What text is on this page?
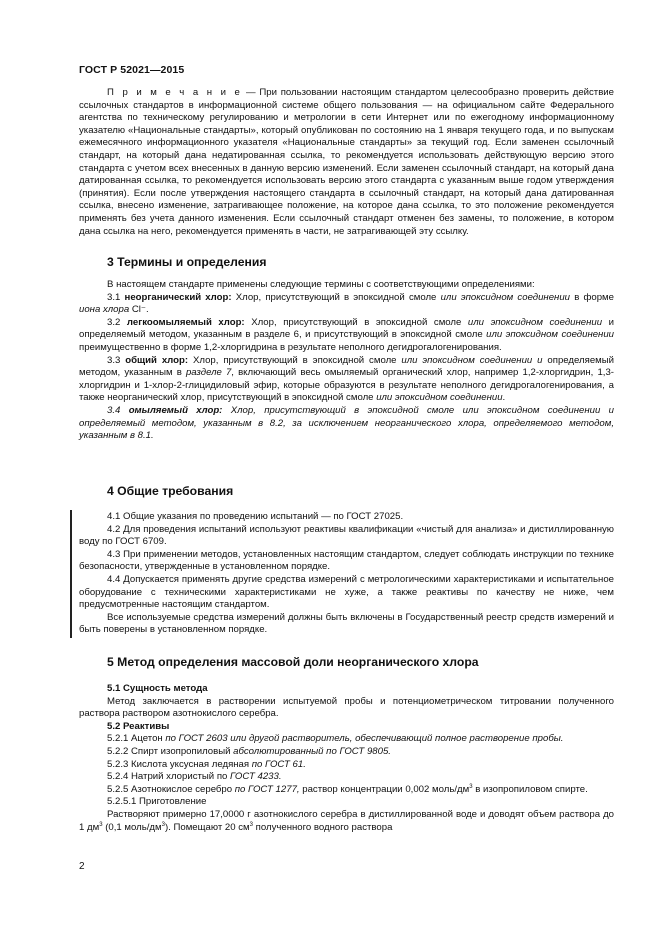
ГОСТ Р 52021—2015
П р и м е ч а н и е — При пользовании настоящим стандартом целесообразно проверить действие ссылочных стандартов в информационной системе общего пользования — на официальном сайте Федерального агентства по техническому регулированию и метрологии в сети Интернет или по ежегодному информационному указателю «Национальные стандарты», который опубликован по состоянию на 1 января текущего года, и по выпускам ежемесячного информационного указателя «Национальные стандарты» за текущий год. Если заменен ссылочный стандарт, на который дана недатированная ссылка, то рекомендуется использовать действующую версию этого стандарта с учетом всех внесенных в данную версию изменений. Если заменен ссылочный стандарт, на который дана датированная ссылка, то рекомендуется использовать версию этого стандарта с указанным выше годом утверждения (принятия). Если после утверждения настоящего стандарта в ссылочный стандарт, на который дана датированная ссылка, внесено изменение, затрагивающее положение, на которое дана ссылка, то это положение рекомендуется применять без учета данного изменения. Если ссылочный стандарт отменен без замены, то положение, в котором дана ссылка на него, рекомендуется применять в части, не затрагивающей эту ссылку.
3 Термины и определения

В настоящем стандарте применены следующие термины с соответствующими определениями:

3.1 неорганический хлор: Хлор, присутствующий в эпоксидной смоле или эпоксидном соединении в форме иона хлора Cl⁻.

3.2 легкоомыляемый хлор: Хлор, присутствующий в эпоксидной смоле или эпоксидном соединении и определяемый методом, указанным в разделе 6, и присутствующий в эпоксидной смоле или эпоксидном соединении преимущественно в форме 1,2-хлоргидрина в результате неполного дегидрогалогенирования.

3.3 общий хлор: Хлор, присутствующий в эпоксидной смоле или эпоксидном соединении и определяемый методом, указанным в разделе 7, включающий весь омыляемый органический хлор, например 1,2-хлоргидрин, 1,3-хлоргидрин и 1-хлор-2-глицидиловый эфир, которые образуются в результате неполного дегидрогалогенирования, а также неорганический хлор, присутствующий в эпоксидной смоле или эпоксидном соединении.

3.4 омыляемый хлор: Хлор, присутствующий в эпоксидной смоле или эпоксидном соединении и определяемый методом, указанным в 8.2, за исключением неорганического хлора, определяемого методом, указанным в 8.1.

4 Общие требования

4.1 Общие указания по проведению испытаний — по ГОСТ 27025.

4.2 Для проведения испытаний используют реактивы квалификации «чистый для анализа» и дистиллированную воду по ГОСТ 6709.

4.3 При применении методов, установленных настоящим стандартом, следует соблюдать инструкции по технике безопасности, утвержденные в установленном порядке.

4.4 Допускается применять другие средства измерений с метрологическими характеристиками и испытательное оборудование с техническими характеристиками не хуже, а также реактивы по качеству не ниже, чем предусмотренные настоящим стандартом.

Все используемые средства измерений должны быть включены в Государственный реестр средств измерений и быть поверены в установленном порядке.

5 Метод определения массовой доли неорганического хлора

5.1 Сущность метода

Метод заключается в растворении испытуемой пробы и потенциометрическом титровании полученного раствора раствором азотнокислого серебра.

5.2 Реактивы

5.2.1 Ацетон по ГОСТ 2603 или другой растворитель, обеспечивающий полное растворение пробы.

5.2.2 Спирт изопропиловый абсолютированный по ГОСТ 9805.

5.2.3 Кислота уксусная ледяная по ГОСТ 61.

5.2.4 Натрий хлористый по ГОСТ 4233.

5.2.5 Азотнокислое серебро по ГОСТ 1277, раствор концентрации 0,002 моль/$дм^3$ в изопропиловом спирте.

5.2.5.1 Приготовление

Растворяют примерно 17,0000 г азотнокислого серебра в дистиллированной воде и доводят объем раствора до 1 $дм^3$ (0,1 моль/$дм^3$). Помещают 20 $см^3$ полученного водного раствора

2
